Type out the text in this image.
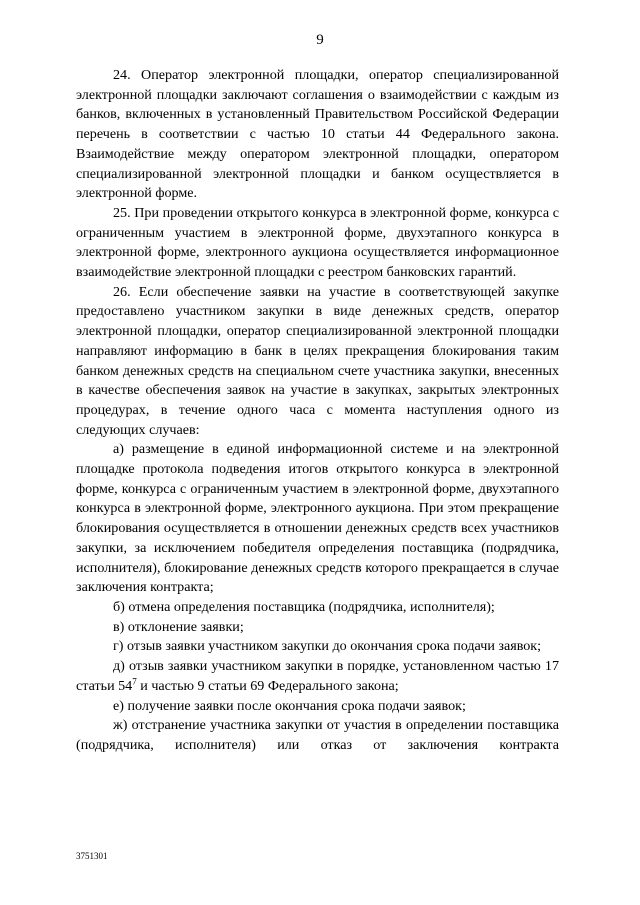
9

24. Оператор электронной площадки, оператор специализированной электронной площадки заключают соглашения о взаимодействии с каждым из банков, включенных в установленный Правительством Российской Федерации перечень в соответствии с частью 10 статьи 44 Федерального закона. Взаимодействие между оператором электронной площадки, оператором специализированной электронной площадки и банком осуществляется в электронной форме.

25. При проведении открытого конкурса в электронной форме, конкурса с ограниченным участием в электронной форме, двухэтапного конкурса в электронной форме, электронного аукциона осуществляется информационное взаимодействие электронной площадки с реестром банковских гарантий.

26. Если обеспечение заявки на участие в соответствующей закупке предоставлено участником закупки в виде денежных средств, оператор электронной площадки, оператор специализированной электронной площадки направляют информацию в банк в целях прекращения блокирования таким банком денежных средств на специальном счете участника закупки, внесенных в качестве обеспечения заявок на участие в закупках, закрытых электронных процедурах, в течение одного часа с момента наступления одного из следующих случаев:

а) размещение в единой информационной системе и на электронной площадке протокола подведения итогов открытого конкурса в электронной форме, конкурса с ограниченным участием в электронной форме, двухэтапного конкурса в электронной форме, электронного аукциона. При этом прекращение блокирования осуществляется в отношении денежных средств всех участников закупки, за исключением победителя определения поставщика (подрядчика, исполнителя), блокирование денежных средств которого прекращается в случае заключения контракта;

б) отмена определения поставщика (подрядчика, исполнителя);

в) отклонение заявки;

г) отзыв заявки участником закупки до окончания срока подачи заявок;

д) отзыв заявки участником закупки в порядке, установленном частью 17 статьи 54$^7$ и частью 9 статьи 69 Федерального закона;

е) получение заявки после окончания срока подачи заявок;

ж) отстранение участника закупки от участия в определении поставщика (подрядчика, исполнителя) или отказ от заключения контракта

3751301
